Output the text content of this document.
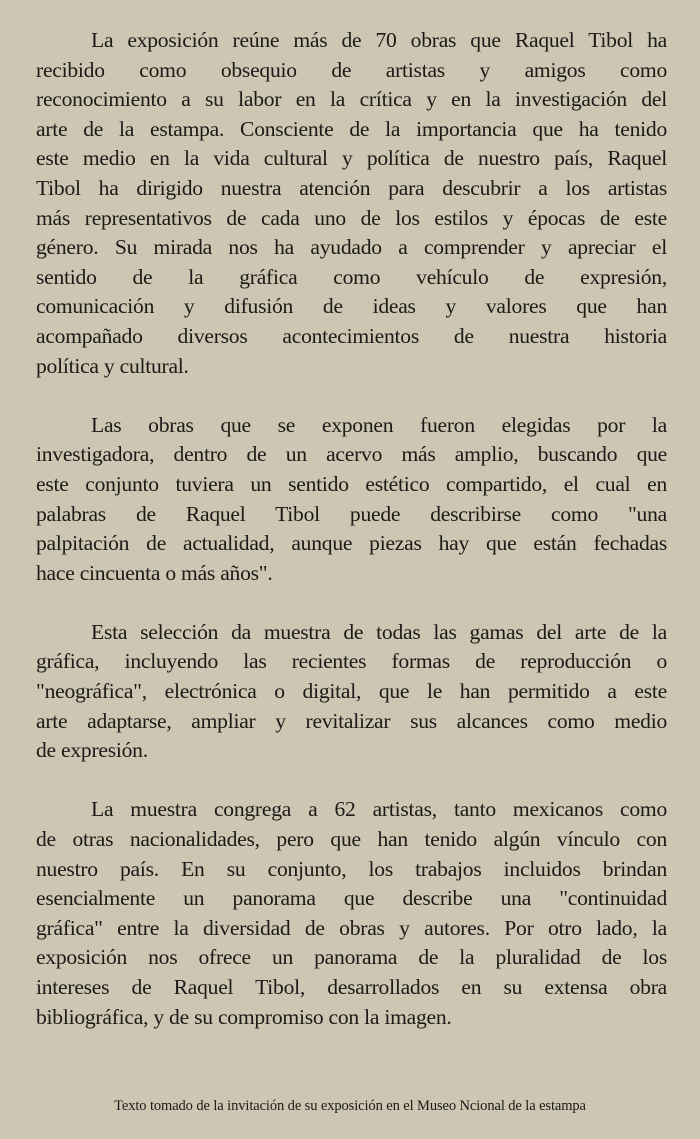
La exposición reúne más de 70 obras que Raquel Tibol ha
recibido como obsequio de artistas y amigos como
reconocimiento a su labor en la crítica y en la investigación del
arte de la estampa. Consciente de la importancia que ha tenido
este medio en la vida cultural y política de nuestro país, Raquel
Tibol ha dirigido nuestra atención para descubrir a los artistas
más representativos de cada uno de los estilos y épocas de este
género. Su mirada nos ha ayudado a comprender y apreciar el
sentido de la gráfica como vehículo de expresión,
comunicación y difusión de ideas y valores que han
acompañado diversos acontecimientos de nuestra historia
política y cultural.
Las obras que se exponen fueron elegidas por la
investigadora, dentro de un acervo más amplio, buscando que
este conjunto tuviera un sentido estético compartido, el cual en
palabras de Raquel Tibol puede describirse como "una
palpitación de actualidad, aunque piezas hay que están fechadas
hace cincuenta o más años".
Esta selección da muestra de todas las gamas del arte de la
gráfica, incluyendo las recientes formas de reproducción o
"neográfica", electrónica o digital, que le han permitido a este
arte adaptarse, ampliar y revitalizar sus alcances como medio
de expresión.
La muestra congrega a 62 artistas, tanto mexicanos como
de otras nacionalidades, pero que han tenido algún vínculo con
nuestro país. En su conjunto, los trabajos incluidos brindan
esencialmente un panorama que describe una "continuidad
gráfica" entre la diversidad de obras y autores. Por otro lado, la
exposición nos ofrece un panorama de la pluralidad de los
intereses de Raquel Tibol, desarrollados en su extensa obra
bibliográfica, y de su compromiso con la imagen.
Texto tomado de la invitación de su exposición en el Museo Ncional de la estampa
